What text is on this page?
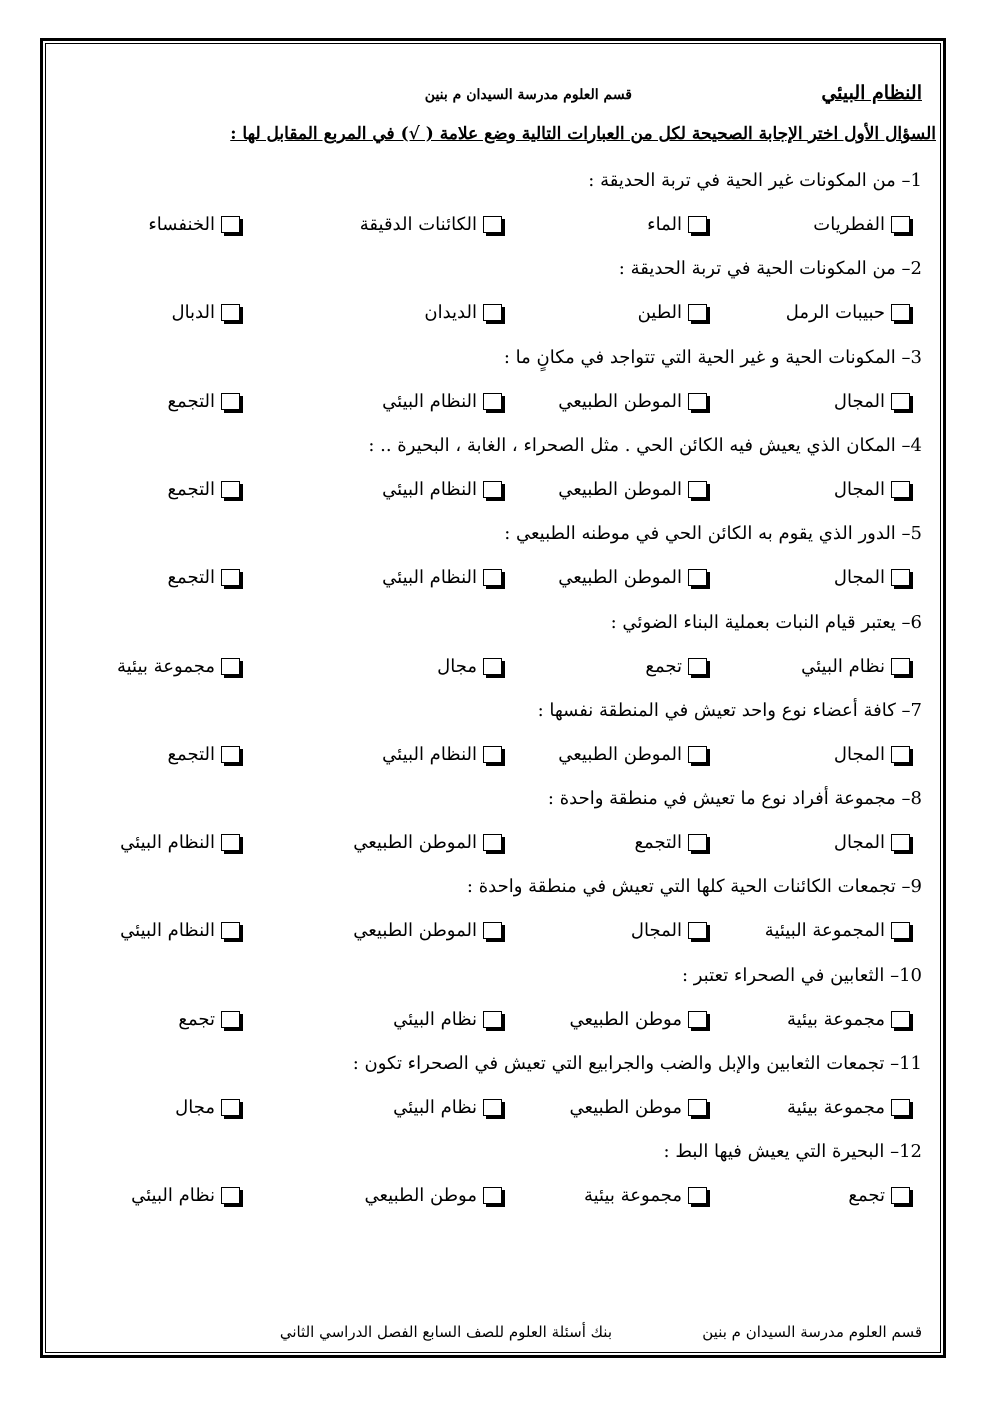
النظام البيئي
قسم العلوم مدرسة السيدان م بنين
السؤال الأول اختر الإجابة الصحيحة لكل من العبارات التالية وضع علامة ( √) في المربع المقابل لها :
1– من المكونات غير الحية في تربة الحديقة :
الفطريات
الماء
الكائنات الدقيقة
الخنفساء
2– من المكونات الحية في تربة الحديقة :
حبيبات الرمل
الطين
الديدان
الدبال
3– المكونات الحية و غير الحية التي تتواجد في مكانٍ ما :
المجال
الموطن الطبيعي
النظام البيئي
التجمع
4– المكان الذي يعيش فيه الكائن الحي . مثل الصحراء ، الغابة ، البحيرة .. :
المجال
الموطن الطبيعي
النظام البيئي
التجمع
5– الدور الذي يقوم به الكائن الحي في موطنه الطبيعي :
المجال
الموطن الطبيعي
النظام البيئي
التجمع
6– يعتبر قيام النبات بعملية البناء الضوئي :
نظام البيئي
تجمع
مجال
مجموعة بيئية
7– كافة أعضاء نوع واحد تعيش في المنطقة نفسها :
المجال
الموطن الطبيعي
النظام البيئي
التجمع
8– مجموعة أفراد نوع ما تعيش في منطقة واحدة :
المجال
التجمع
الموطن الطبيعي
النظام البيئي
9– تجمعات الكائنات الحية كلها التي تعيش في منطقة واحدة :
المجموعة البيئية
المجال
الموطن الطبيعي
النظام البيئي
10– الثعابين في الصحراء تعتبر :
مجموعة بيئية
موطن الطبيعي
نظام البيئي
تجمع
11– تجمعات الثعابين والإبل والضب والجرابيع التي تعيش في الصحراء تكون :
مجموعة بيئية
موطن الطبيعي
نظام البيئي
مجال
12– البحيرة التي يعيش فيها البط :
تجمع
مجموعة بيئية
موطن الطبيعي
نظام البيئي
قسم العلوم مدرسة السيدان م بنين
بنك أسئلة العلوم للصف السابع الفصل الدراسي الثاني
